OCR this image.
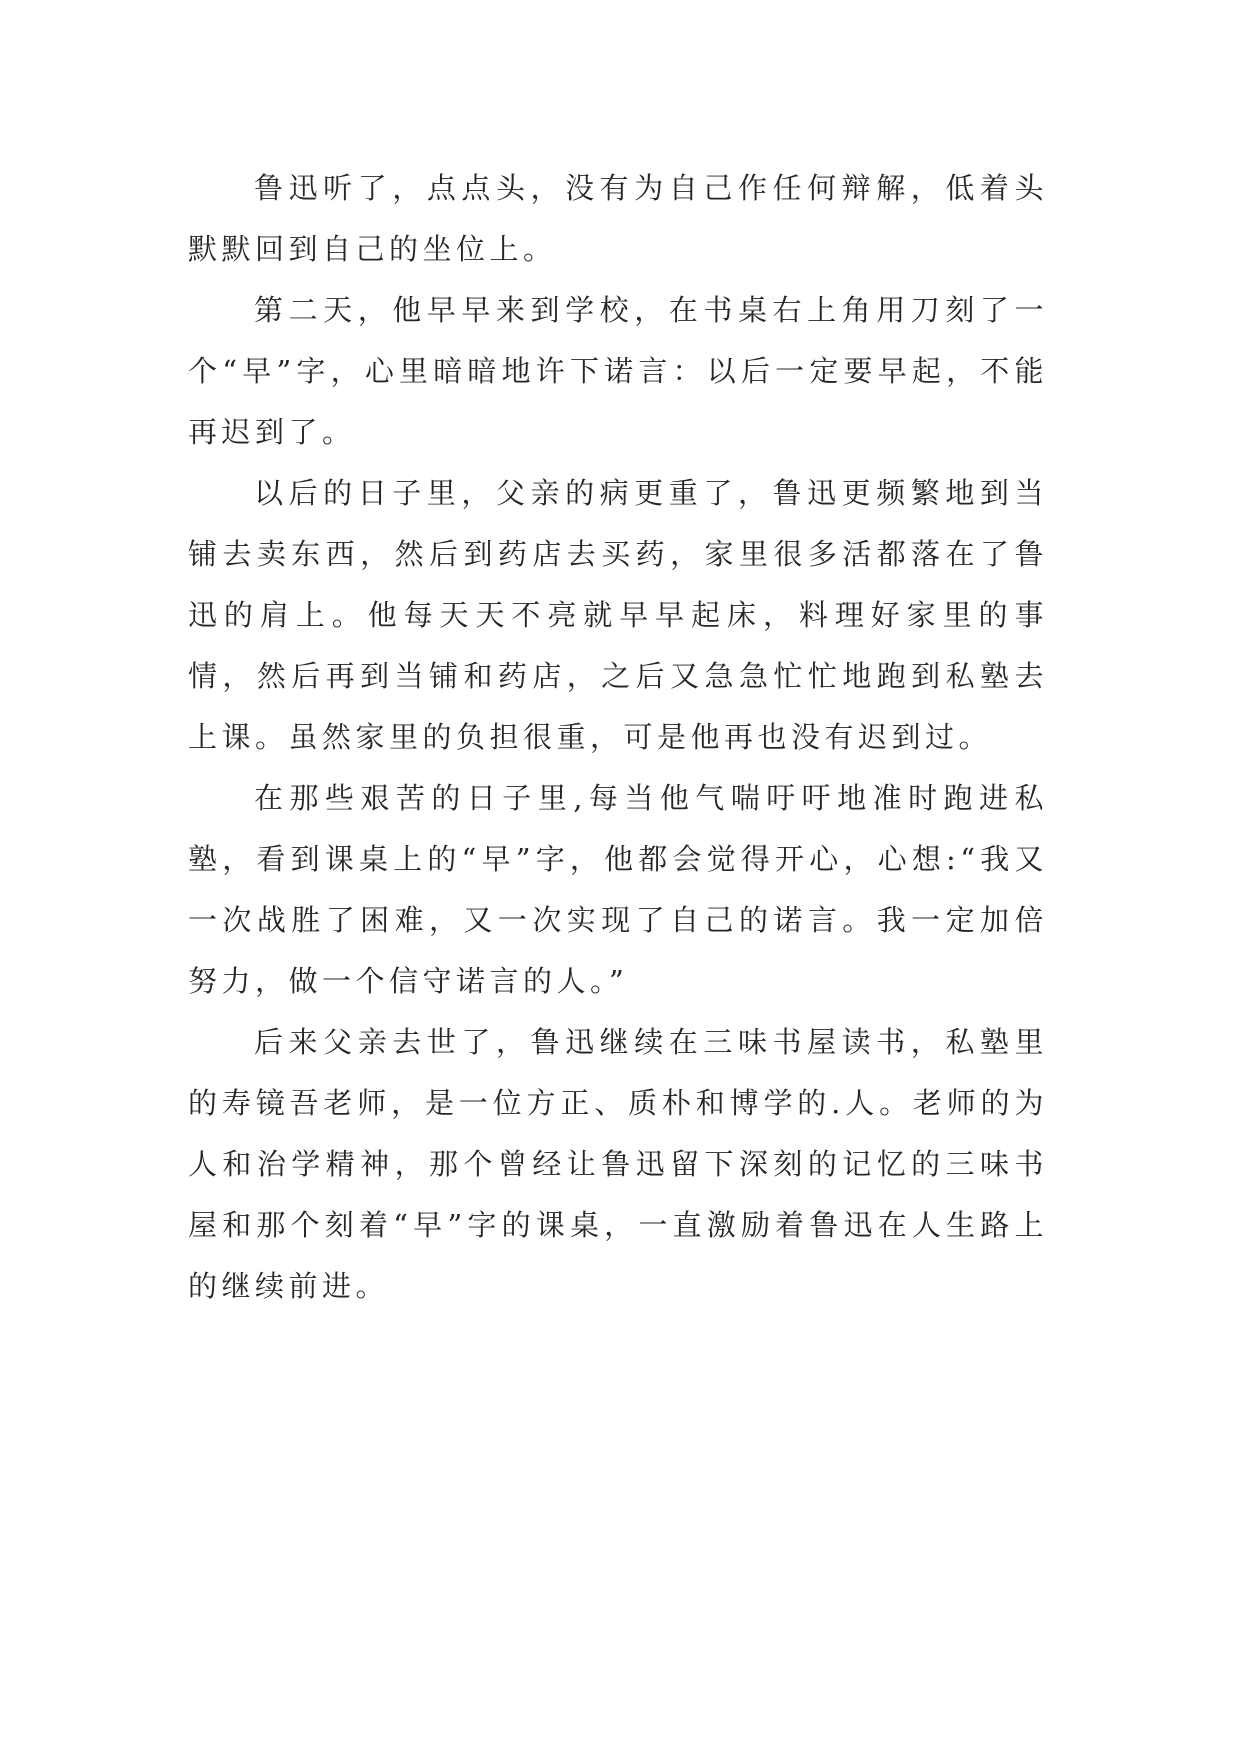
鲁迅听了，点点头，没有为自己作任何辩解，低着头默默回到自己的坐位上。

第二天，他早早来到学校，在书桌右上角用刀刻了一个“早”字，心里暗暗地许下诺言：以后一定要早起，不能再迟到了。

以后的日子里，父亲的病更重了，鲁迅更频繁地到当铺去卖东西，然后到药店去买药，家里很多活都落在了鲁迅的肩上。他每天天不亮就早早起床，料理好家里的事情，然后再到当铺和药店，之后又急急忙忙地跑到私塾去上课。虽然家里的负担很重，可是他再也没有迟到过。

在那些艰苦的日子里,每当他气喘吁吁地准时跑进私塾，看到课桌上的“早”字，他都会觉得开心，心想:“我又一次战胜了困难，又一次实现了自己的诺言。我一定加倍努力，做一个信守诺言的人。”

后来父亲去世了，鲁迅继续在三味书屋读书，私塾里的寿镜吾老师，是一位方正、质朴和博学的.人。老师的为人和治学精神，那个曾经让鲁迅留下深刻的记忆的三味书屋和那个刻着“早”字的课桌，一直激励着鲁迅在人生路上的继续前进。
